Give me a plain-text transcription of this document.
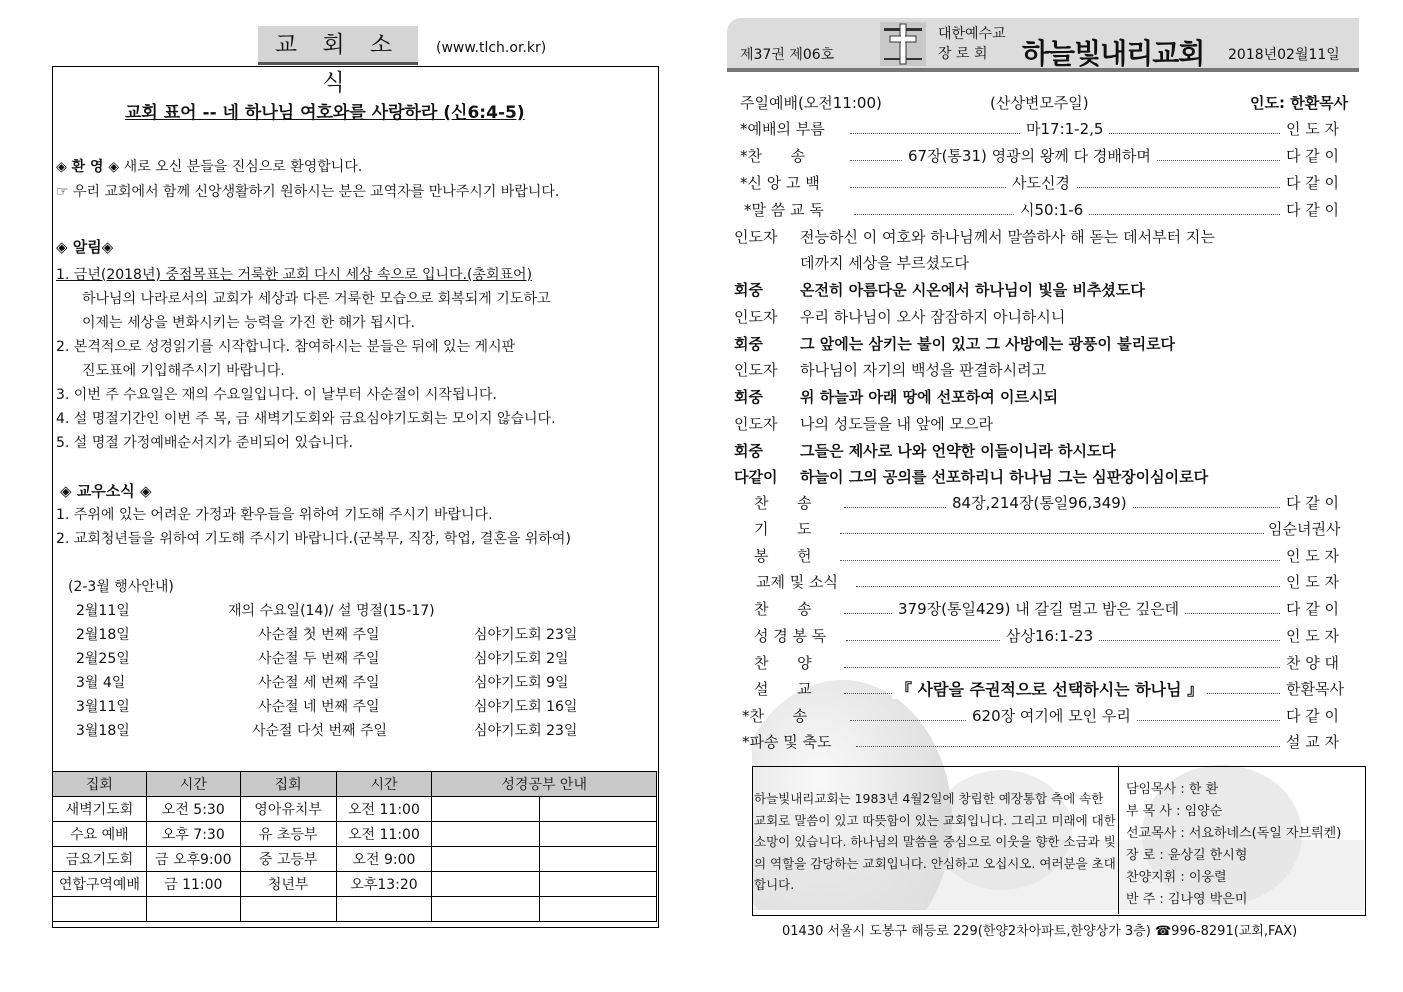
교 회 소 식
(www.tlch.or.kr)
교회 표어 -- 네 하나님 여호와를 사랑하라 (신6:4-5)
◈ 환 영 ◈ 새로 오신 분들을 진심으로 환영합니다.
☞ 우리 교회에서 함께 신앙생활하기 원하시는 분은 교역자를 만나주시기 바랍니다.
◈ 알림◈
1. 금년(2018년) 중점목표는 거룩한 교회 다시 세상 속으로 입니다.(총회표어)
하나님의 나라로서의 교회가 세상과 다른 거룩한 모습으로 회복되게 기도하고
이제는 세상을 변화시키는 능력을 가진 한 해가 됩시다.
2. 본격적으로 성경읽기를 시작합니다. 참여하시는 분들은 뒤에 있는 게시판
진도표에 기입해주시기 바랍니다.
3. 이번 주 수요일은 재의 수요일입니다. 이 날부터 사순절이 시작됩니다.
4. 설 명절기간인 이번 주 목, 금 새벽기도회와 금요심야기도회는 모이지 않습니다.
5. 설 명절 가정예배순서지가 준비되어 있습니다.
◈ 교우소식 ◈
1. 주위에 있는 어려운 가정과 환우들을 위하여 기도해 주시기 바랍니다.
2. 교회청년들을 위하여 기도해 주시기 바랍니다.(군복무, 직장, 학업, 결혼을 위하여)
(2-3월 행사안내)
2월11일	재의 수요일(14)/ 설 명절(15-17)
2월18일	사순절 첫 번째 주일	심야기도회 23일
2월25일	사순절 두 번째 주일	심야기도회 2일
3월 4일	사순절 세 번째 주일	심야기도회 9일
3월11일	사순절 네 번째 주일	심야기도회 16일
3월18일	사순절 다섯 번째 주일	심야기도회 23일
집회	시간	집회	시간	성경공부 안내	
새벽기도회	오전 5:30	영아유치부	오전 11:00		
수요 예배	오후 7:30	유 초등부	오전 11:00		
금요기도회	금 오후9:00	중 고등부	오전 9:00		
연합구역예배	금 11:00	청년부	오후13:20		

제37권 제06호
대한예수교
장 로 회	하늘빛내리교회 2018년02월11일
주일예배(오전11:00)	(산상변모주일)	인도: 한환목사
*예배의 부름	마17:1-2,5	인 도 자
*찬      송	67장(통31) 영광의 왕께 다 경배하며	다 같 이
*신 앙 고 백	사도신경	다 같 이
*말 씀 교 독	시50:1-6	다 같 이
인도자 전능하신 이 여호와 하나님께서 말씀하사 해 돋는 데서부터 지는
데까지 세상을 부르셨도다
회중 온전히 아름다운 시온에서 하나님이 빛을 비추셨도다
인도자 우리 하나님이 오사 잠잠하지 아니하시니
회중 그 앞에는 삼키는 불이 있고 그 사방에는 광풍이 불리로다
인도자 하나님이 자기의 백성을 판결하시려고
회중 위 하늘과 아래 땅에 선포하여 이르시되
인도자 나의 성도들을 내 앞에 모으라
회중 그들은 제사로 나와 언약한 이들이니라 하시도다
다같이 하늘이 그의 공의를 선포하리니 하나님 그는 심판장이심이로다
찬      송	84장,214장(통일96,349)	다 같 이
기      도	임순녀권사
봉      헌	인 도 자
교제 및 소식	인 도 자
찬      송	379장(통일429) 내 갈길 멀고 밤은 깊은데	다 같 이
성 경 봉 독	삼상16:1-23	인 도 자
찬      양	찬 양 대
설      교	『 사람을 주권적으로 선택하시는 하나님 』	한환목사
*찬      송	620장 여기에 모인 우리	다 같 이
*파송 및 축도	설 교 자
하늘빛내리교회는 1983년 4월2일에 창립한 예장통합 측에 속한 교회로 말씀이 있고 따뜻함이 있는 교회입니다. 그리고 미래에 대한 소망이 있습니다. 하나님의 말씀을 중심으로 이웃을 향한 소금과 빛의 역할을 감당하는 교회입니다. 안심하고 오십시오. 여러분을 초대합니다.
담임목사 : 한 환
부 목 사 : 임양순
선교목사 : 서요하네스(독일 자브뤼켄)
장 로 : 윤상길 한시형
찬양지휘 : 이웅렬
반 주 : 김나영 박은미
01430 서울시 도봉구 해등로 229(한양2차아파트,한양상가 3층) ☎996-8291(교회,FAX)
